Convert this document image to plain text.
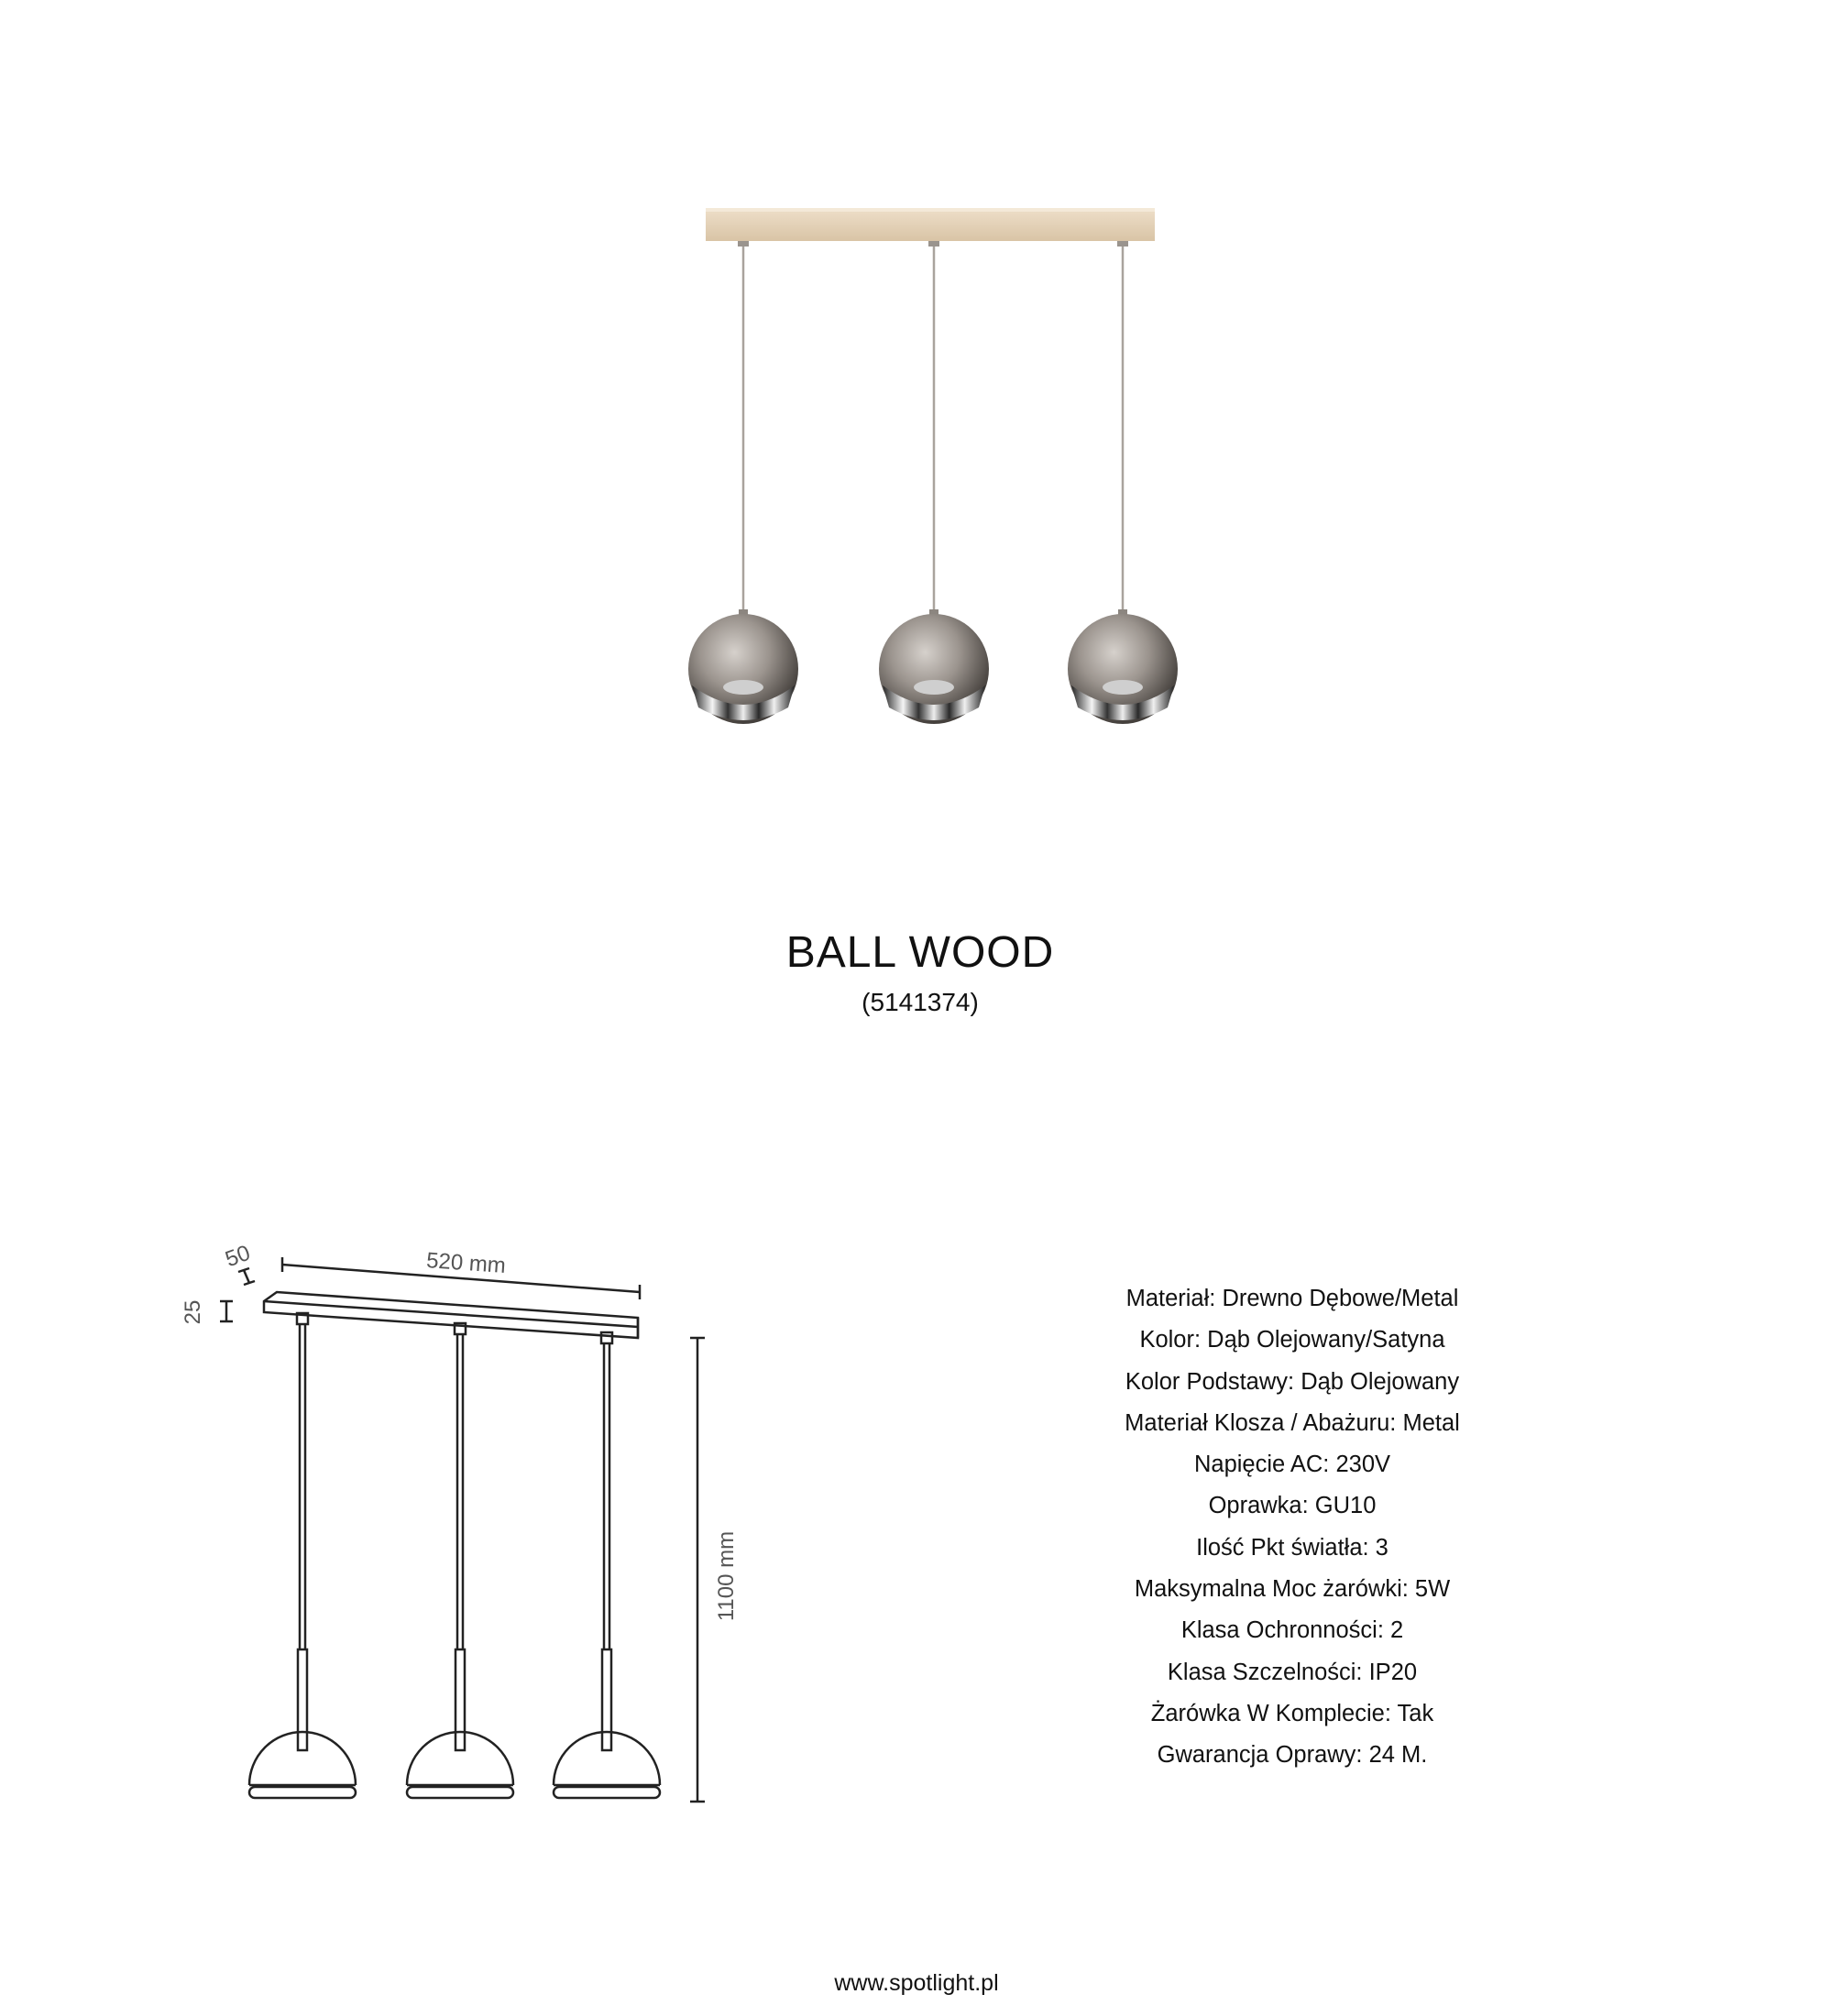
BALL WOOD
(5141374)
520 mm
50
25
1100 mm
Materiał: Drewno Dębowe/Metal
Kolor: Dąb Olejowany/Satyna
Kolor Podstawy: Dąb Olejowany
Materiał Klosza / Abażuru: Metal
Napięcie AC: 230V
Oprawka: GU10
Ilość Pkt światła: 3
Maksymalna Moc żarówki: 5W
Klasa Ochronności: 2
Klasa Szczelności: IP20
Żarówka W Komplecie: Tak
Gwarancja Oprawy: 24 M.
www.spotlight.pl
